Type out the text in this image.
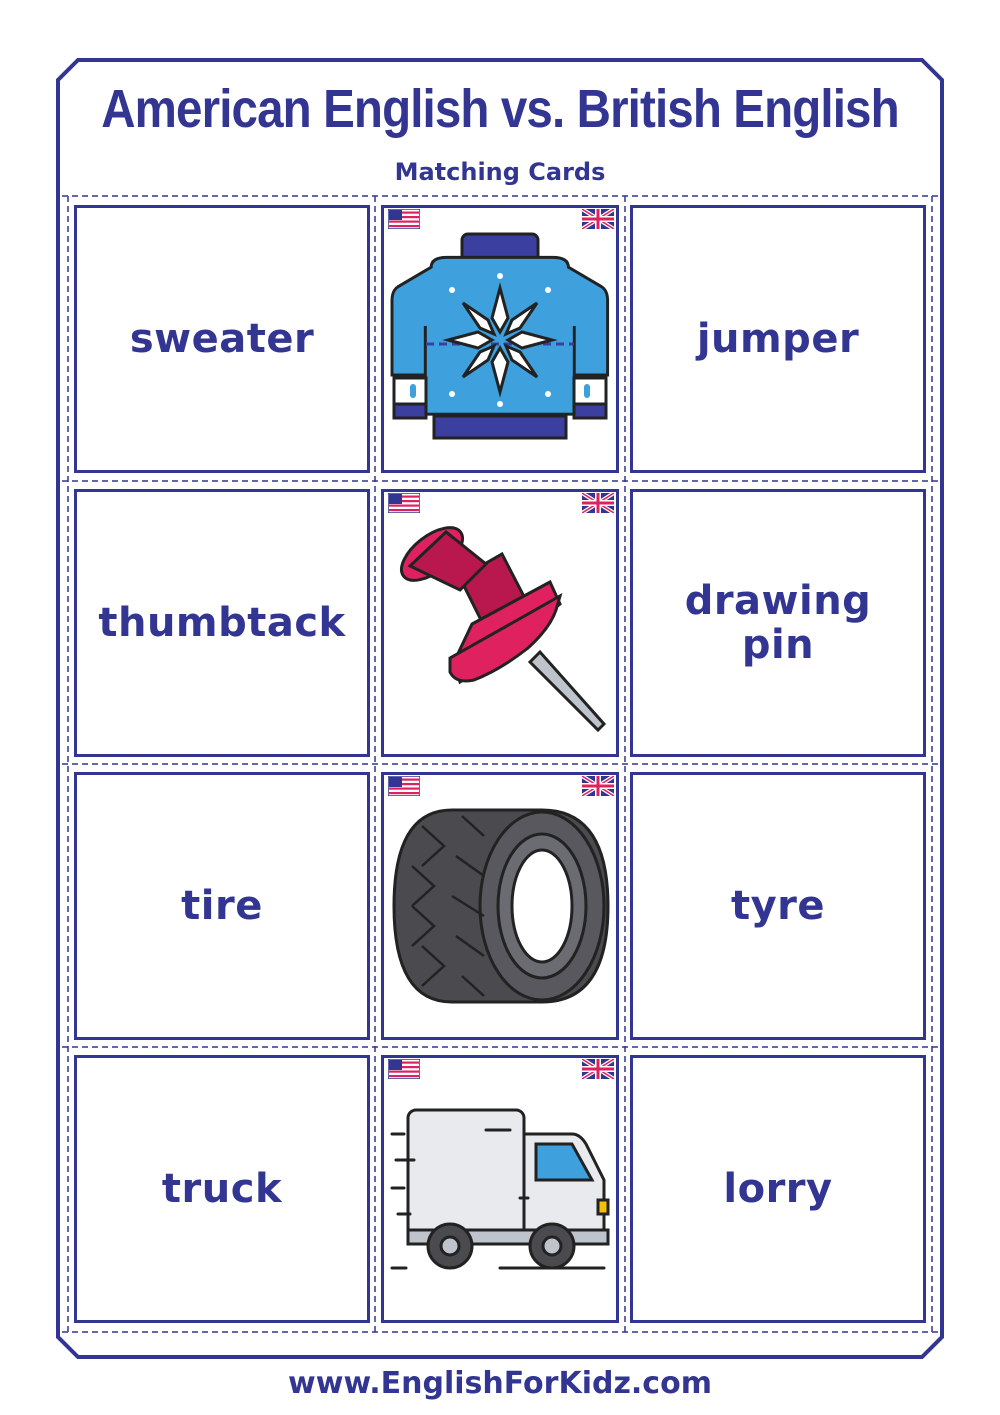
American English vs. British English
Matching Cards
sweater	jumper
thumbtack	drawing pin
tire	tyre
truck	lorry
www.EnglishForKidz.com
